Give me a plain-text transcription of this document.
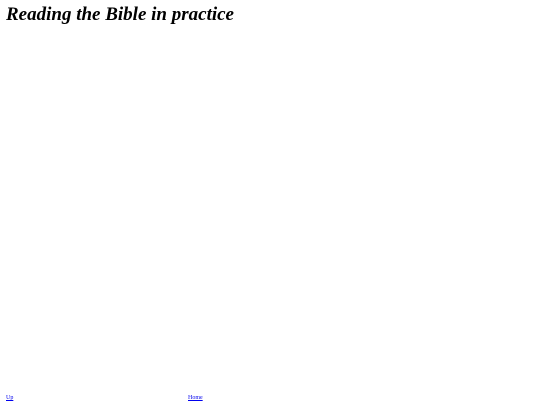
Reading the Bible in practice
Up	Home
